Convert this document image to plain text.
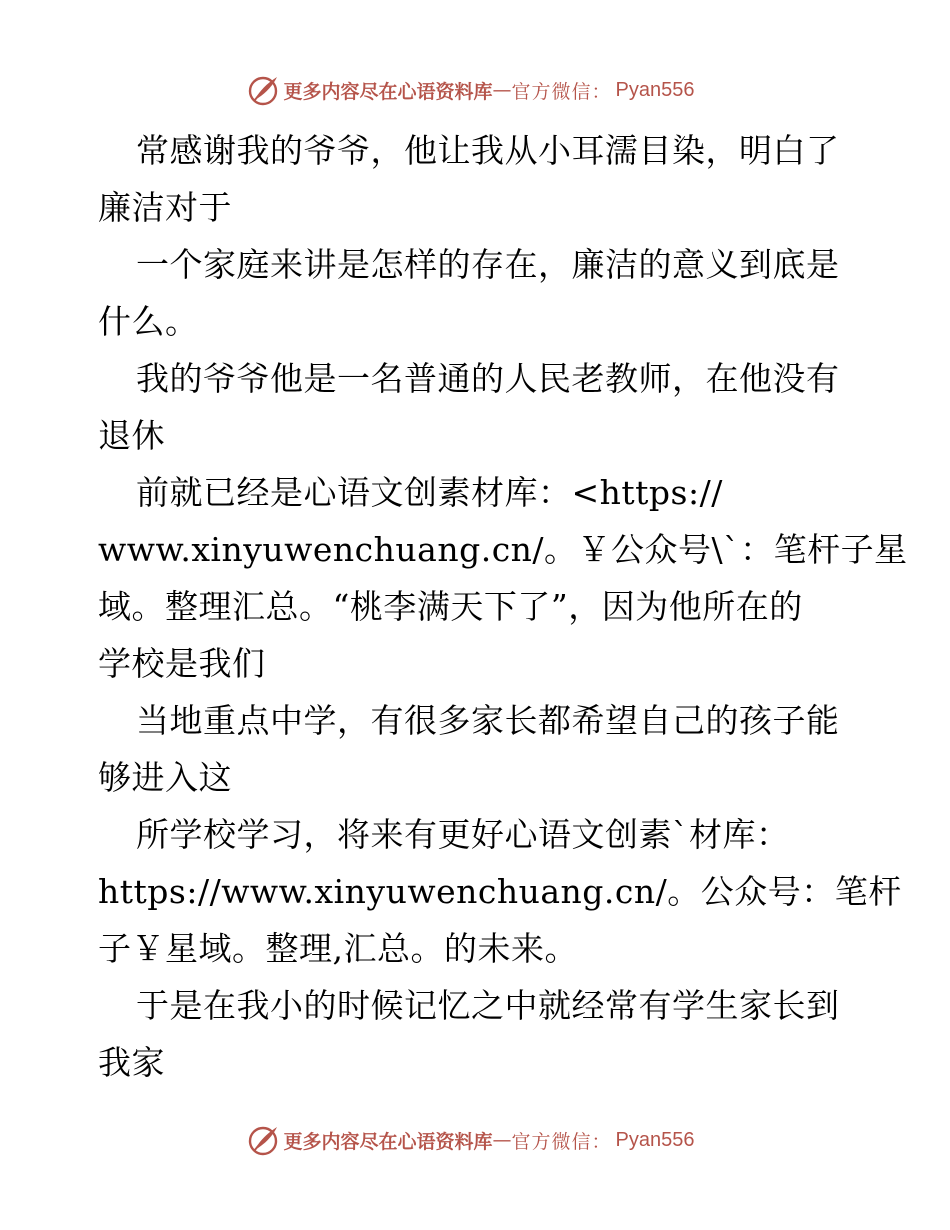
更多内容尽在心语资料库 — 官方微信： Pyan556
常感谢我的爷爷，他让我从小耳濡目染，明白了
廉洁对于
一个家庭来讲是怎样的存在，廉洁的意义到底是
什么。
我的爷爷他是一名普通的人民老教师，在他没有
退休
前就已经是心语文创素材库：<https://
www.xinyuwenchuang.cn/。￥公众号\`：笔杆子星
域。整理汇总。“桃李满天下了”，因为他所在的
学校是我们
当地重点中学，有很多家长都希望自己的孩子能
够进入这
所学校学习，将来有更好心语文创素`材库：
https://www.xinyuwenchuang.cn/。公众号：笔杆
子￥星域。整理,汇总。的未来。
于是在我小的时候记忆之中就经常有学生家长到
我家
更多内容尽在心语资料库 — 官方微信： Pyan556
